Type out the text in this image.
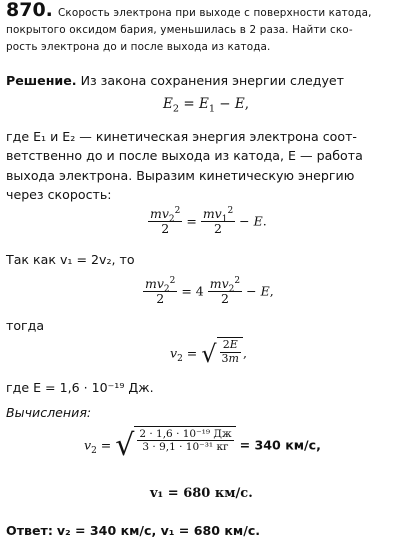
870. Скорость электрона при выходе с поверхности катода,
покрытого оксидом бария, уменьшилась в 2 раза. Найти ско-
рость электрона до и после выхода из катода.
Решение. Из закона сохранения энергии следует
$E_2 = E_1 - E$,
где E₁ и E₂ — кинетическая энергия электрона соот-
ветственно до и после выхода из катода, E — работа
выхода электрона. Выразим кинетическую энергию
через скорость:
$\frac{mv_2^2}{2} = \frac{mv_1^2}{2} - E$.
Так как v₁ = 2v₂, то
$\frac{mv_2^2}{2} = 4 \frac{mv_2^2}{2} - E$,
тогда
$v_2$ = √ $\frac{2E}{3m}$ ,
где E = 1,6 · 10⁻¹⁹ Дж.
Вычисления:
$v_2$ = √ $\frac{\text{2 · 1,6 · 10⁻¹⁹ Дж}}{\text{3 · 9,1 · 10⁻³¹ кг}} = 340$ км/с,
v₁ = 680 км/с.
Ответ: v₂ = 340 км/с, v₁ = 680 км/с.
